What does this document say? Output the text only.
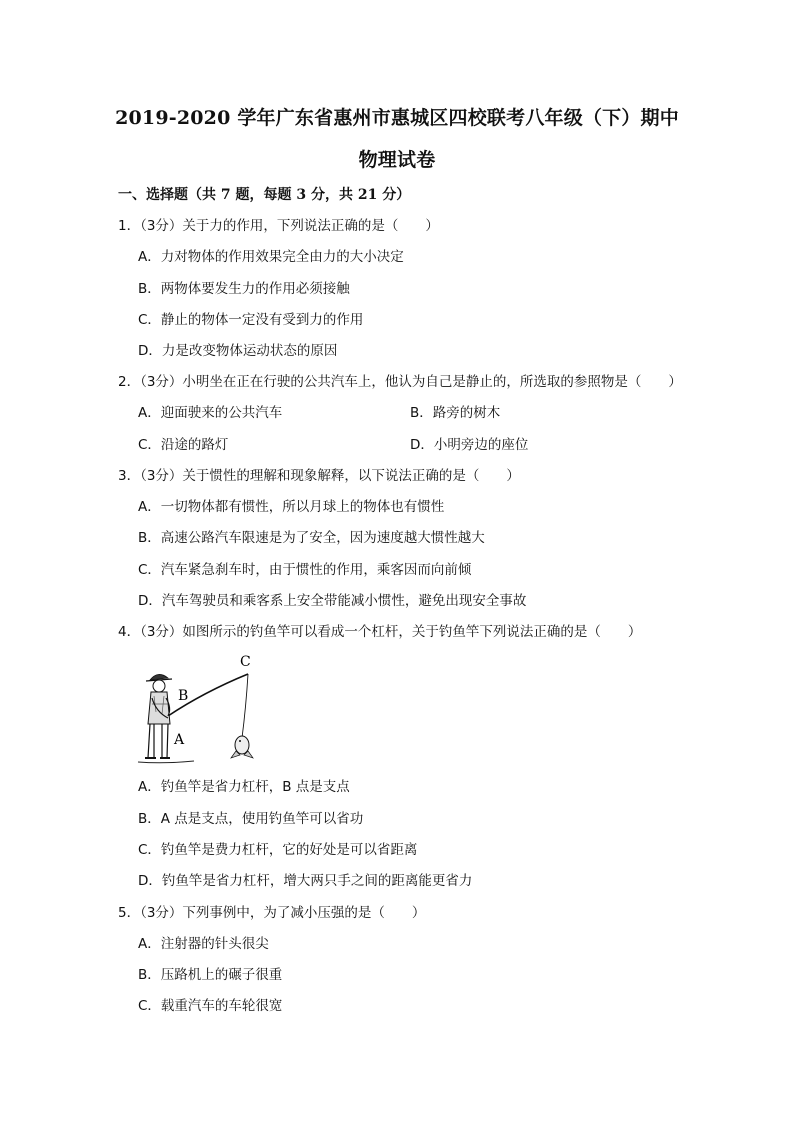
2019-2020 学年广东省惠州市惠城区四校联考八年级（下）期中
物理试卷
一、选择题（共 7 题，每题 3 分，共 21 分）
1．（3分）关于力的作用，下列说法正确的是（　　）
A．力对物体的作用效果完全由力的大小决定
B．两物体要发生力的作用必须接触
C．静止的物体一定没有受到力的作用
D．力是改变物体运动状态的原因
2．（3分）小明坐在正在行驶的公共汽车上，他认为自己是静止的，所选取的参照物是（　　）
A．迎面驶来的公共汽车	B．路旁的树木
C．沿途的路灯	D．小明旁边的座位
3．（3分）关于惯性的理解和现象解释，以下说法正确的是（　　）
A．一切物体都有惯性，所以月球上的物体也有惯性
B．高速公路汽车限速是为了安全，因为速度越大惯性越大
C．汽车紧急刹车时，由于惯性的作用，乘客因而向前倾
D．汽车驾驶员和乘客系上安全带能减小惯性，避免出现安全事故
4．（3分）如图所示的钓鱼竿可以看成一个杠杆，关于钓鱼竿下列说法正确的是（　　）
C
B
A
A．钓鱼竿是省力杠杆，B 点是支点
B．A 点是支点，使用钓鱼竿可以省功
C．钓鱼竿是费力杠杆，它的好处是可以省距离
D．钓鱼竿是省力杠杆，增大两只手之间的距离能更省力
5．（3分）下列事例中，为了减小压强的是（　　）
A．注射器的针头很尖
B．压路机上的碾子很重
C．载重汽车的车轮很宽
